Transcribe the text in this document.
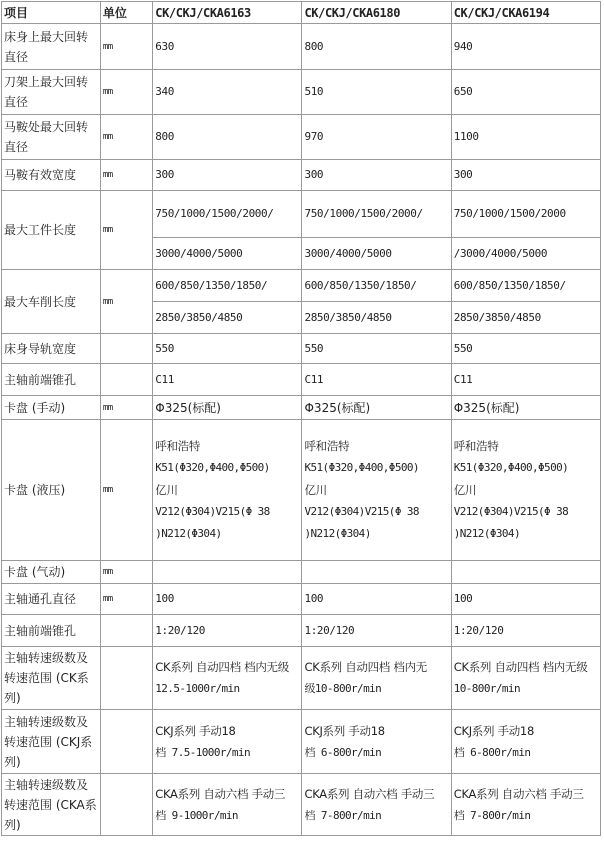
项目	单位	CK/CKJ/CKA6163	CK/CKJ/CKA6180	CK/CKJ/CKA6194
床身上最大回转直径	mm	630	800	940
刀架上最大回转直径	mm	340	510	650
马鞍处最大回转直径	mm	800	970	1100
马鞍有效宽度	mm	300	300	300
最大工件长度	mm	750/1000/1500/2000/	750/1000/1500/2000/	750/1000/1500/2000
		3000/4000/5000	3000/4000/5000	/3000/4000/5000
最大车削长度	mm	600/850/1350/1850/	600/850/1350/1850/	600/850/1350/1850/
		2850/3850/4850	2850/3850/4850	2850/3850/4850
床身导轨宽度		550	550	550
主轴前端锥孔		C11	C11	C11
卡盘 (手动)	mm	Φ325(标配)	Φ325(标配)	Φ325(标配)
卡盘 (液压)	mm	呼和浩特
K51(Φ320,Φ400,Φ500)
亿川
V212(Φ304)V215(Φ 38
)N212(Φ304)	呼和浩特
K51(Φ320,Φ400,Φ500)
亿川
V212(Φ304)V215(Φ 38
)N212(Φ304)	呼和浩特
K51(Φ320,Φ400,Φ500)
亿川
V212(Φ304)V215(Φ 38
)N212(Φ304)

卡盘 (气动)	mm			
主轴通孔直径	mm	100	100	100
主轴前端锥孔		1:20/120	1:20/120	1:20/120
主轴转速级数及转速范围 (CK系列)		CK系列 自动四档 档内无级
12.5-1000r/min	CK系列 自动四档 档内无
级10-800r/min	CK系列 自动四档 档内无级
10-800r/min

主轴转速级数及转速范围 (CKJ系列)		CKJ系列 手动18
档 7.5-1000r/min	CKJ系列 手动18
档 6-800r/min	CKJ系列 手动18
档 6-800r/min

主轴转速级数及转速范围 (CKA系列)		CKA系列 自动六档 手动三
档 9-1000r/min	CKA系列 自动六档 手动三
档 7-800r/min	CKA系列 自动六档 手动三
档 7-800r/min
